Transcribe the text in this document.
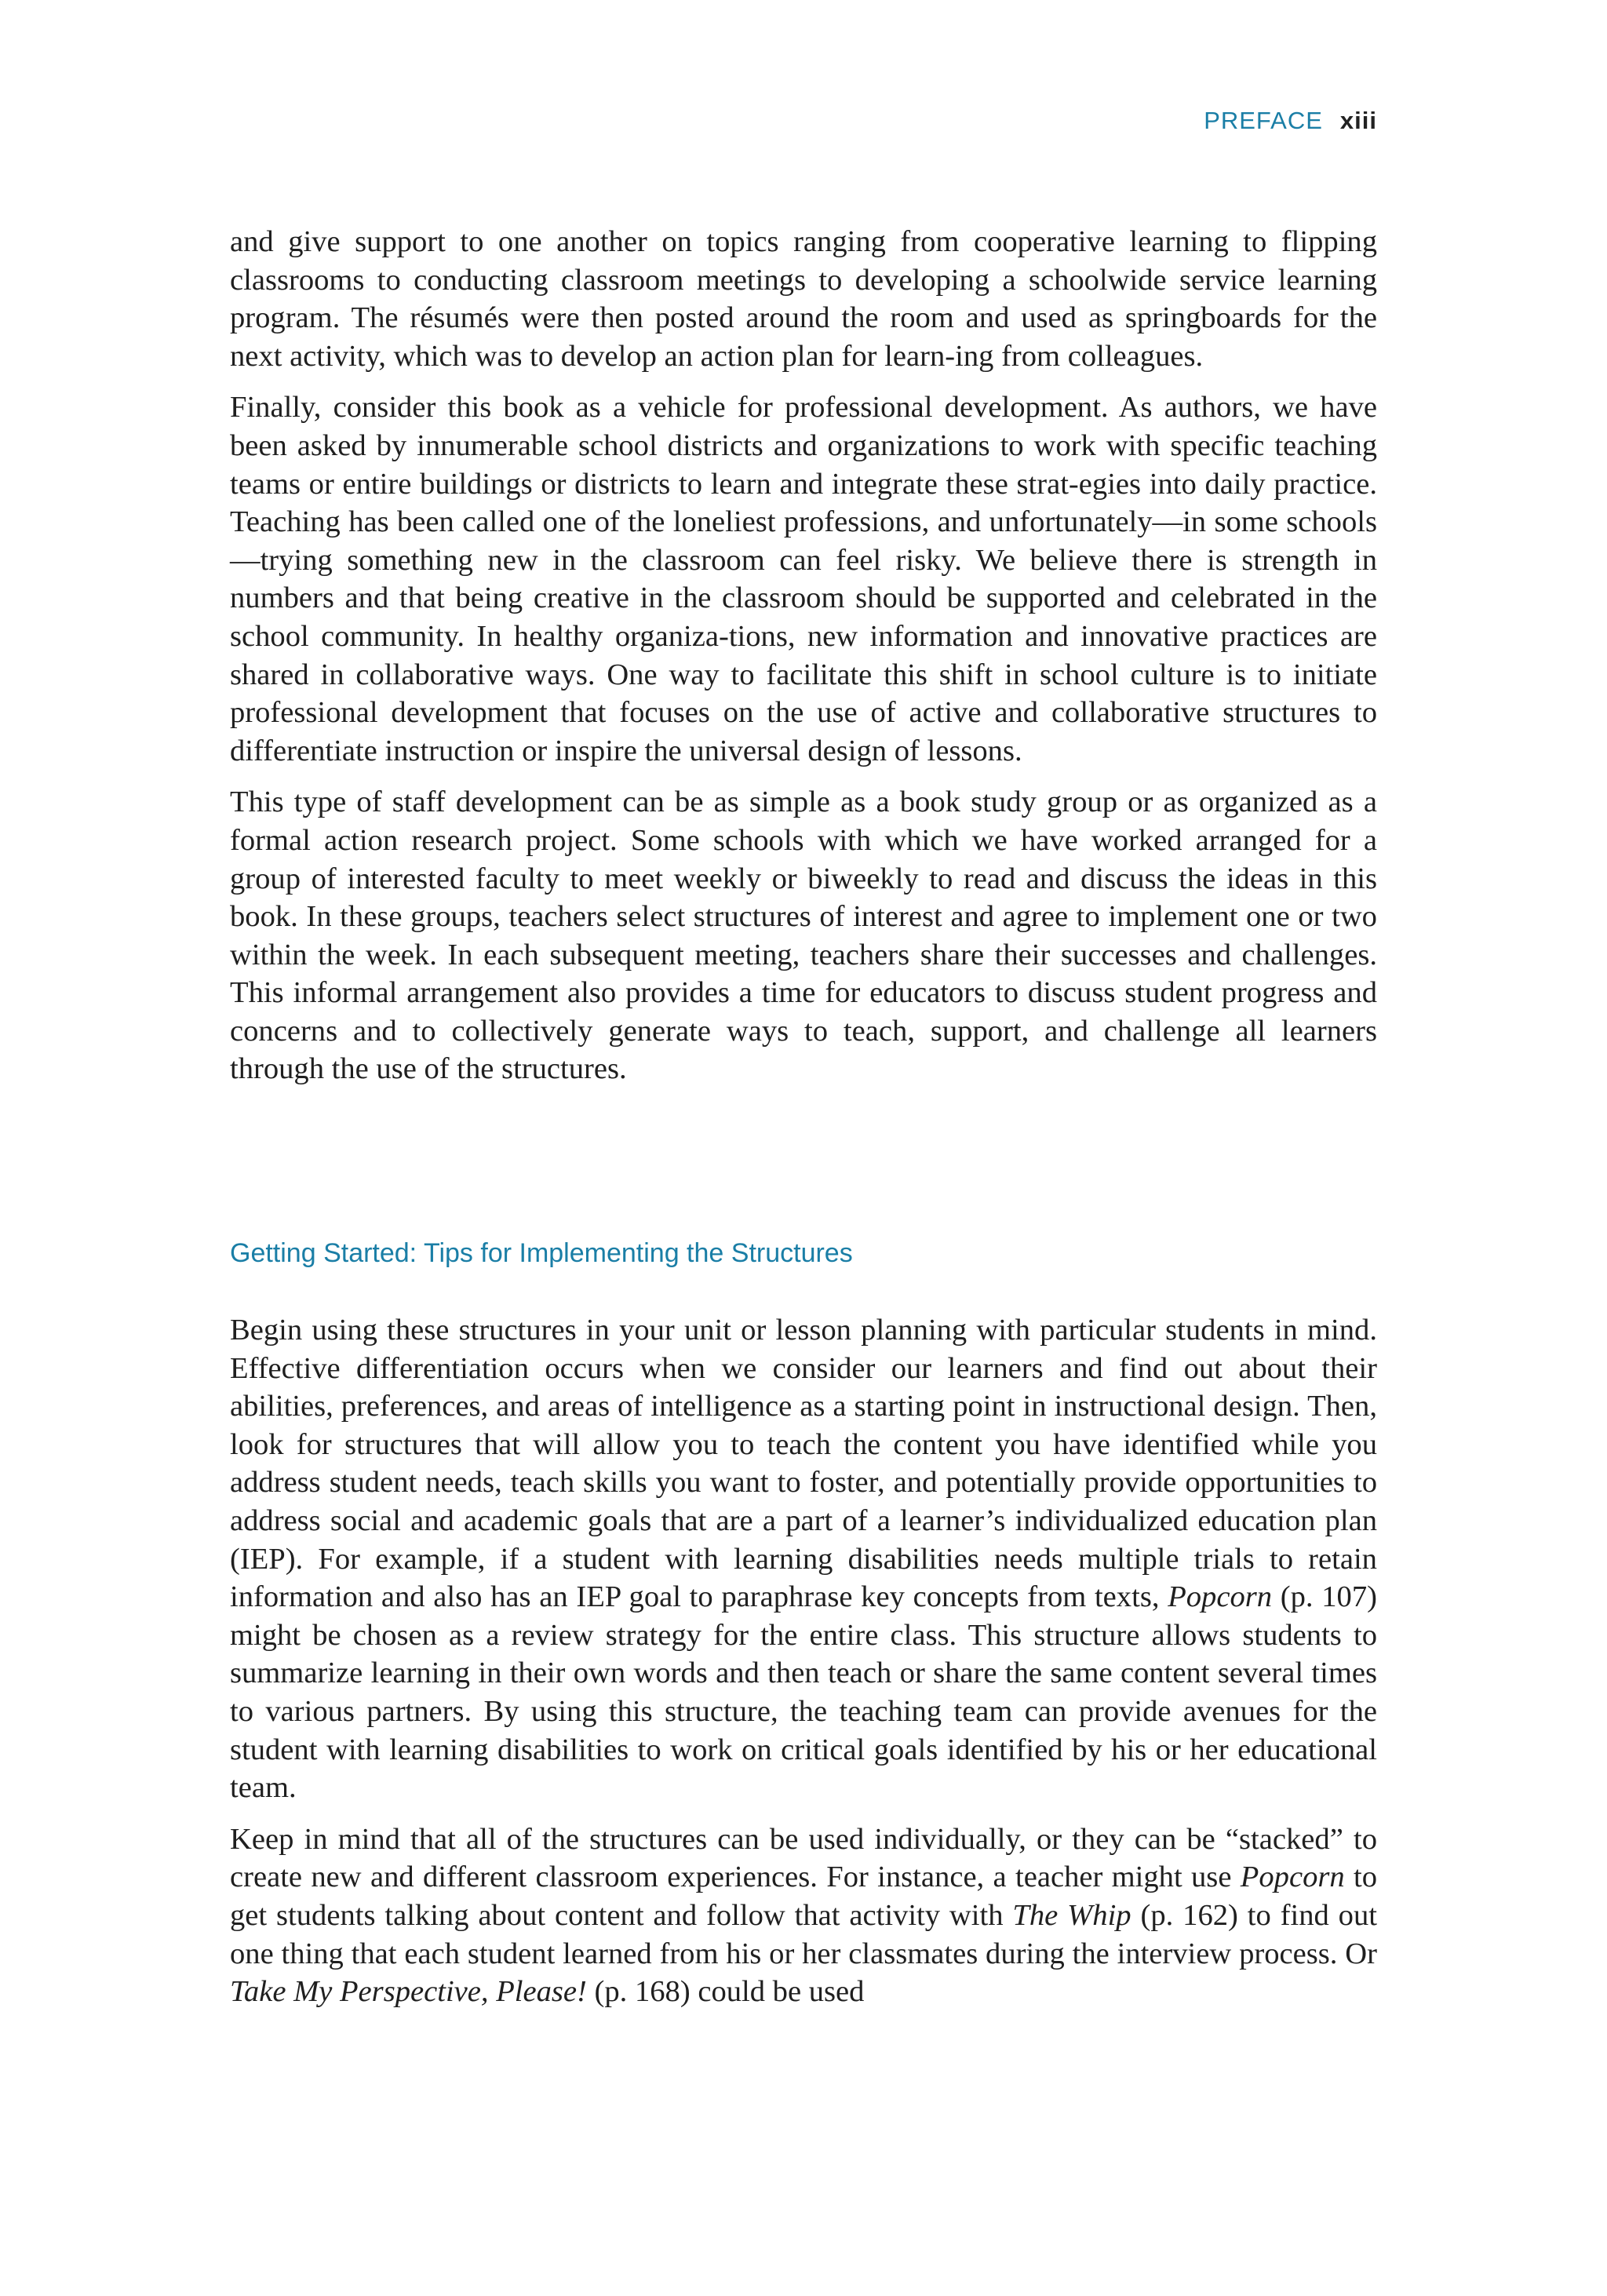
PREFACE xiii

and give support to one another on topics ranging from cooperative learning to flipping classrooms to conducting classroom meetings to developing a schoolwide service learning program. The résumés were then posted around the room and used as springboards for the next activity, which was to develop an action plan for learn-ing from colleagues.

Finally, consider this book as a vehicle for professional development. As authors, we have been asked by innumerable school districts and organizations to work with specific teaching teams or entire buildings or districts to learn and integrate these strat-egies into daily practice. Teaching has been called one of the loneliest professions, and unfortunately—in some schools—trying something new in the classroom can feel risky. We believe there is strength in numbers and that being creative in the classroom should be supported and celebrated in the school community. In healthy organiza-tions, new information and innovative practices are shared in collaborative ways. One way to facilitate this shift in school culture is to initiate professional development that focuses on the use of active and collaborative structures to differentiate instruction or inspire the universal design of lessons.

This type of staff development can be as simple as a book study group or as organized as a formal action research project. Some schools with which we have worked arranged for a group of interested faculty to meet weekly or biweekly to read and discuss the ideas in this book. In these groups, teachers select structures of interest and agree to implement one or two within the week. In each subsequent meeting, teachers share their successes and challenges. This informal arrangement also provides a time for educators to discuss student progress and concerns and to collectively generate ways to teach, support, and challenge all learners through the use of the structures.

Getting Started: Tips for Implementing the Structures

Begin using these structures in your unit or lesson planning with particular students in mind. Effective differentiation occurs when we consider our learners and find out about their abilities, preferences, and areas of intelligence as a starting point in instructional design. Then, look for structures that will allow you to teach the content you have identified while you address student needs, teach skills you want to foster, and potentially provide opportunities to address social and academic goals that are a part of a learner’s individualized education plan (IEP). For example, if a student with learning disabilities needs multiple trials to retain information and also has an IEP goal to paraphrase key concepts from texts, Popcorn (p. 107) might be chosen as a review strategy for the entire class. This structure allows students to summarize learning in their own words and then teach or share the same content several times to various partners. By using this structure, the teaching team can provide avenues for the student with learning disabilities to work on critical goals identified by his or her educational team.

Keep in mind that all of the structures can be used individually, or they can be “stacked” to create new and different classroom experiences. For instance, a teacher might use Popcorn to get students talking about content and follow that activity with The Whip (p. 162) to find out one thing that each student learned from his or her classmates during the interview process. Or Take My Perspective, Please! (p. 168) could be used
